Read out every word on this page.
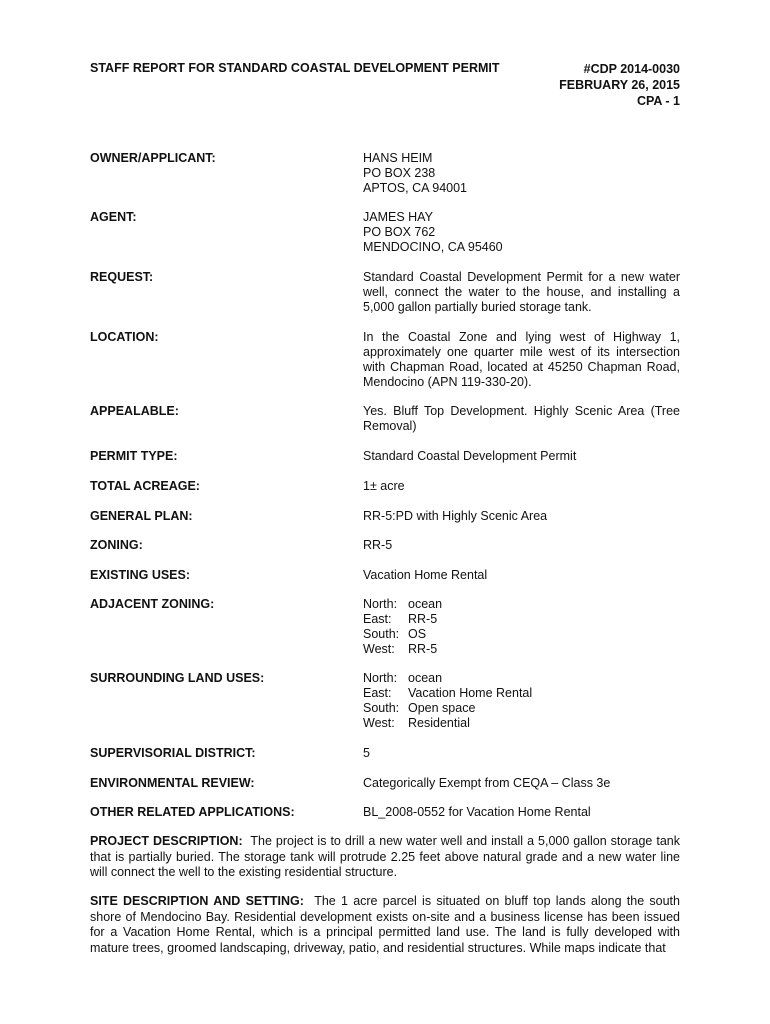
STAFF REPORT FOR STANDARD COASTAL DEVELOPMENT PERMIT	#CDP 2014-0030
FEBRUARY 26, 2015
CPA - 1
OWNER/APPLICANT:	HANS HEIM
PO BOX 238
APTOS, CA 94001
AGENT:	JAMES HAY
PO BOX 762
MENDOCINO, CA 95460
REQUEST:	Standard Coastal Development Permit for a new water well, connect the water to the house, and installing a 5,000 gallon partially buried storage tank.
LOCATION:	In the Coastal Zone and lying west of Highway 1, approximately one quarter mile west of its intersection with Chapman Road, located at 45250 Chapman Road, Mendocino (APN 119-330-20).
APPEALABLE:	Yes. Bluff Top Development. Highly Scenic Area (Tree Removal)
PERMIT TYPE:	Standard Coastal Development Permit
TOTAL ACREAGE:	1± acre
GENERAL PLAN:	RR-5:PD with Highly Scenic Area
ZONING:	RR-5
EXISTING USES:	Vacation Home Rental
ADJACENT ZONING:	North: ocean
East:	RR-5
South: OS
West:	RR-5
SURROUNDING LAND USES:	North: ocean
East:	Vacation Home Rental
South: Open space
West:	Residential
SUPERVISORIAL DISTRICT:	5
ENVIRONMENTAL REVIEW:	Categorically Exempt from CEQA – Class 3e
OTHER RELATED APPLICATIONS:	BL_2008-0552 for Vacation Home Rental
PROJECT DESCRIPTION: The project is to drill a new water well and install a 5,000 gallon storage tank that is partially buried. The storage tank will protrude 2.25 feet above natural grade and a new water line will connect the well to the existing residential structure.
SITE DESCRIPTION AND SETTING: The 1 acre parcel is situated on bluff top lands along the south shore of Mendocino Bay. Residential development exists on-site and a business license has been issued for a Vacation Home Rental, which is a principal permitted land use. The land is fully developed with mature trees, groomed landscaping, driveway, patio, and residential structures. While maps indicate that
